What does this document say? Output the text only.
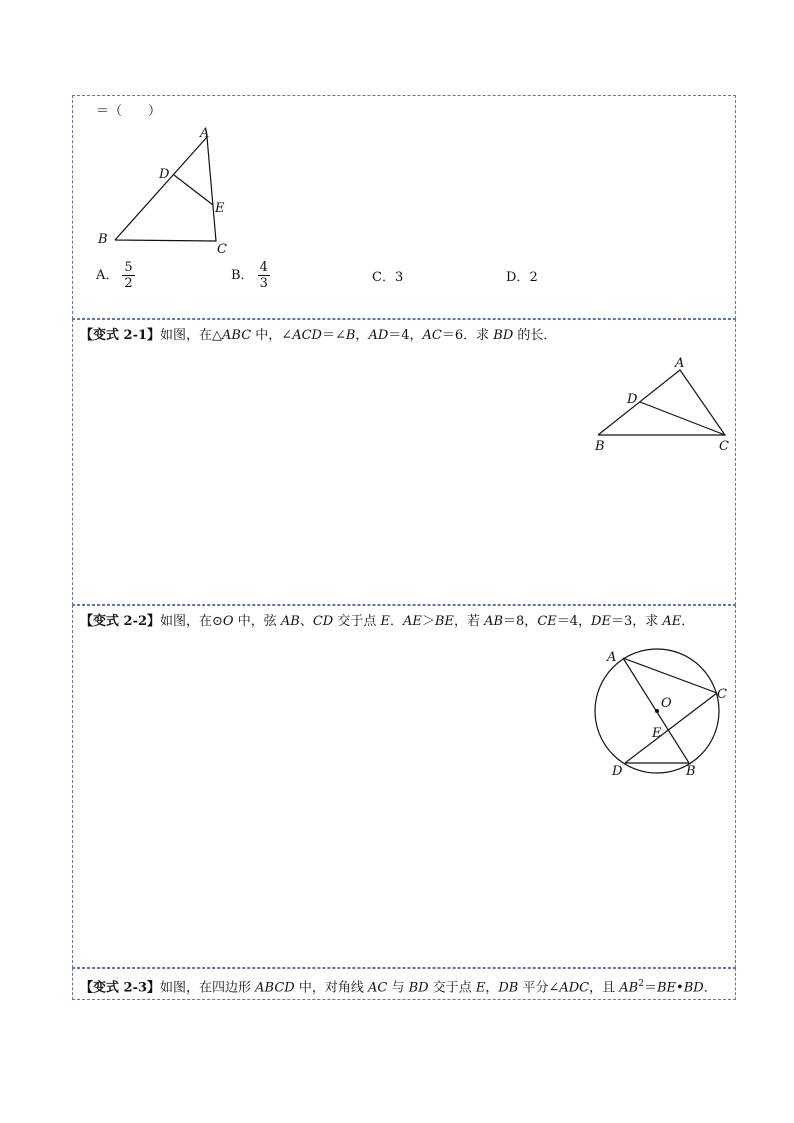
＝（　　）
A
D
E
B
C
A． $\frac{5}{2}$	B． $\frac{4}{3}$	C．3	D．2
【变式 2-1】如图，在△ABC 中，∠ACD＝∠B，AD＝4，AC＝6．求 BD 的长．
A
D
B	C
【变式 2-2】如图，在⊙O 中，弦 AB、CD 交于点 E．AE＞BE，若 AB＝8，CE＝4，DE＝3，求 AE．
A
O
C
E
D	B
【变式 2-3】如图，在四边形 ABCD 中，对角线 AC 与 BD 交于点 E，DB 平分∠ADC，且 $AB^2=BE•BD$．
